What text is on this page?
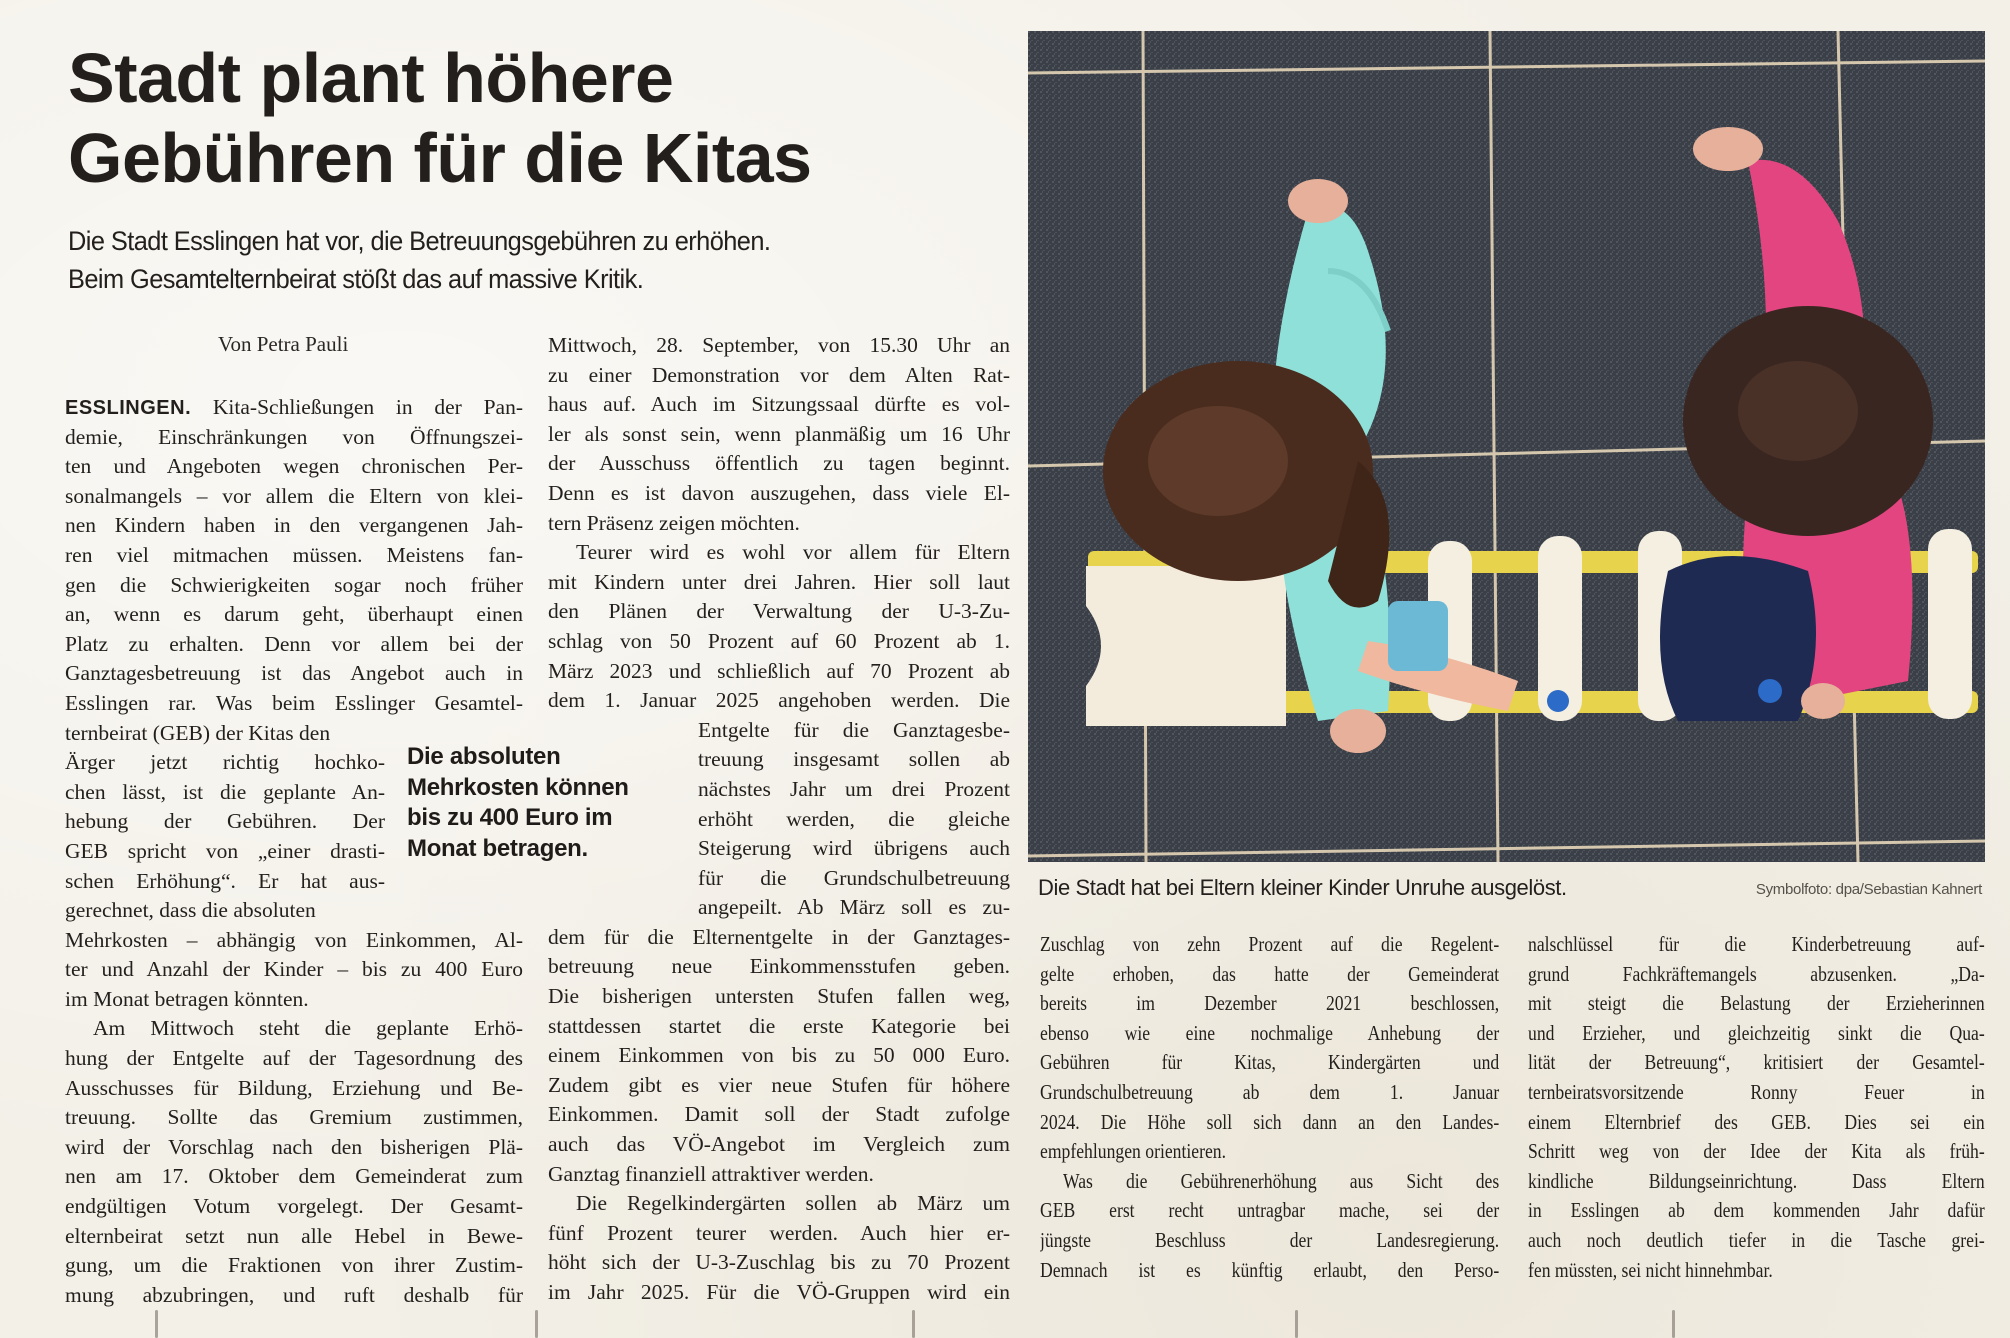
Stadt plant höhere
Gebühren für die Kitas
Die Stadt Esslingen hat vor, die Betreuungsgebühren zu erhöhen.
Beim Gesamtelternbeirat stößt das auf massive Kritik.
Von Petra Pauli
ESSLINGEN. Kita-Schließungen in der Pan-
demie, Einschränkungen von Öffnungszei-
ten und Angeboten wegen chronischen Per-
sonalmangels – vor allem die Eltern von klei-
nen Kindern haben in den vergangenen Jah-
ren viel mitmachen müssen. Meistens fan-
gen die Schwierigkeiten sogar noch früher
an, wenn es darum geht, überhaupt einen
Platz zu erhalten. Denn vor allem bei der
Ganztagesbetreuung ist das Angebot auch in
Esslingen rar. Was beim Esslinger Gesamtel-
ternbeirat (GEB) der Kitas den
Ärger jetzt richtig hochko-
chen lässt, ist die geplante An-
hebung der Gebühren. Der
GEB spricht von „einer drasti-
schen Erhöhung“. Er hat aus-
gerechnet, dass die absoluten
Mehrkosten – abhängig von Einkommen, Al-
ter und Anzahl der Kinder – bis zu 400 Euro
im Monat betragen könnten.
Am Mittwoch steht die geplante Erhö-
hung der Entgelte auf der Tagesordnung des
Ausschusses für Bildung, Erziehung und Be-
treuung. Sollte das Gremium zustimmen,
wird der Vorschlag nach den bisherigen Plä-
nen am 17. Oktober dem Gemeinderat zum
endgültigen Votum vorgelegt. Der Gesamt-
elternbeirat setzt nun alle Hebel in Bewe-
gung, um die Fraktionen von ihrer Zustim-
mung abzubringen, und ruft deshalb für
Die absoluten
Mehrkosten können
bis zu 400 Euro im
Monat betragen.
Mittwoch, 28. September, von 15.30 Uhr an
zu einer Demonstration vor dem Alten Rat-
haus auf. Auch im Sitzungssaal dürfte es vol-
ler als sonst sein, wenn planmäßig um 16 Uhr
der Ausschuss öffentlich zu tagen beginnt.
Denn es ist davon auszugehen, dass viele El-
tern Präsenz zeigen möchten.
Teurer wird es wohl vor allem für Eltern
mit Kindern unter drei Jahren. Hier soll laut
den Plänen der Verwaltung der U-3-Zu-
schlag von 50 Prozent auf 60 Prozent ab 1.
März 2023 und schließlich auf 70 Prozent ab
dem 1. Januar 2025 angehoben werden. Die
Entgelte für die Ganztagesbe-
treuung insgesamt sollen ab
nächstes Jahr um drei Prozent
erhöht werden, die gleiche
Steigerung wird übrigens auch
für die Grundschulbetreuung
angepeilt. Ab März soll es zu-
dem für die Elternentgelte in der Ganztages-
betreuung neue Einkommensstufen geben.
Die bisherigen untersten Stufen fallen weg,
stattdessen startet die erste Kategorie bei
einem Einkommen von bis zu 50 000 Euro.
Zudem gibt es vier neue Stufen für höhere
Einkommen. Damit soll der Stadt zufolge
auch das VÖ-Angebot im Vergleich zum
Ganztag finanziell attraktiver werden.
Die Regelkindergärten sollen ab März um
fünf Prozent teurer werden. Auch hier er-
höht sich der U-3-Zuschlag bis zu 70 Prozent
im Jahr 2025. Für die VÖ-Gruppen wird ein
Die Stadt hat bei Eltern kleiner Kinder Unruhe ausgelöst.	Symbolfoto: dpa/Sebastian Kahnert
Zuschlag von zehn Prozent auf die Regelent-
gelte erhoben, das hatte der Gemeinderat
bereits im Dezember 2021 beschlossen,
ebenso wie eine nochmalige Anhebung der
Gebühren für Kitas, Kindergärten und
Grundschulbetreuung ab dem 1. Januar
2024. Die Höhe soll sich dann an den Landes-
empfehlungen orientieren.
Was die Gebührenerhöhung aus Sicht des
GEB erst recht untragbar mache, sei der
jüngste Beschluss der Landesregierung.
Demnach ist es künftig erlaubt, den Perso-
nalschlüssel für die Kinderbetreuung auf-
grund Fachkräftemangels abzusenken. „Da-
mit steigt die Belastung der Erzieherinnen
und Erzieher, und gleichzeitig sinkt die Qua-
lität der Betreuung“, kritisiert der Gesamtel-
ternbeiratsvorsitzende Ronny Feuer in
einem Elternbrief des GEB. Dies sei ein
Schritt weg von der Idee der Kita als früh-
kindliche Bildungseinrichtung. Dass Eltern
in Esslingen ab dem kommenden Jahr dafür
auch noch deutlich tiefer in die Tasche grei-
fen müssten, sei nicht hinnehmbar.
